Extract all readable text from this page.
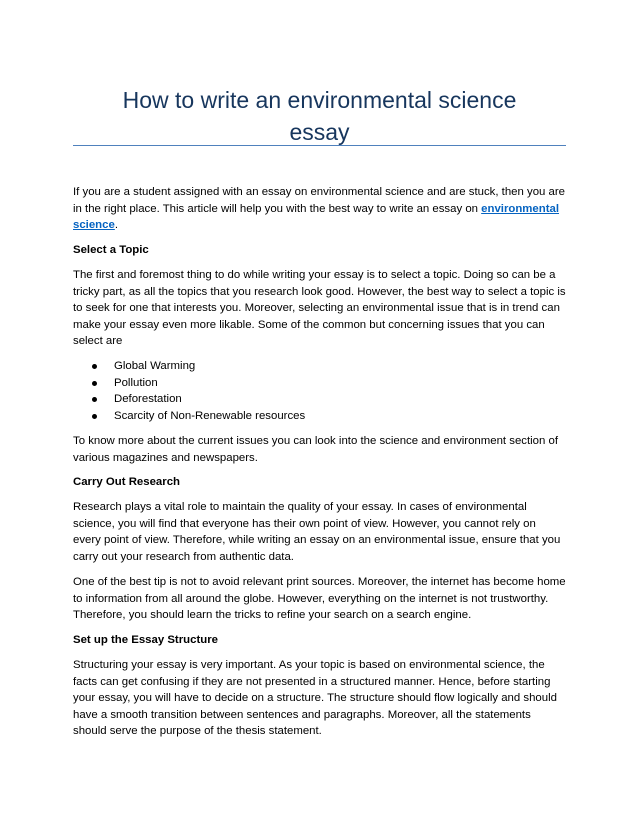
How to write an environmental science
essay

If you are a student assigned with an essay on environmental science and are stuck, then you are in the right place. This article will help you with the best way to write an essay on environmental science.

Select a Topic

The first and foremost thing to do while writing your essay is to select a topic. Doing so can be a tricky part, as all the topics that you research look good. However, the best way to select a topic is to seek for one that interests you. Moreover, selecting an environmental issue that is in trend can make your essay even more likable. Some of the common but concerning issues that you can select are

Global Warming
Pollution
Deforestation
Scarcity of Non-Renewable resources

To know more about the current issues you can look into the science and environment section of various magazines and newspapers.

Carry Out Research

Research plays a vital role to maintain the quality of your essay. In cases of environmental science, you will find that everyone has their own point of view. However, you cannot rely on every point of view. Therefore, while writing an essay on an environmental issue, ensure that you carry out your research from authentic data.

One of the best tip is not to avoid relevant print sources. Moreover, the internet has become home to information from all around the globe. However, everything on the internet is not trustworthy. Therefore, you should learn the tricks to refine your search on a search engine.

Set up the Essay Structure

Structuring your essay is very important. As your topic is based on environmental science, the facts can get confusing if they are not presented in a structured manner. Hence, before starting your essay, you will have to decide on a structure. The structure should flow logically and should have a smooth transition between sentences and paragraphs. Moreover, all the statements should serve the purpose of the thesis statement.
